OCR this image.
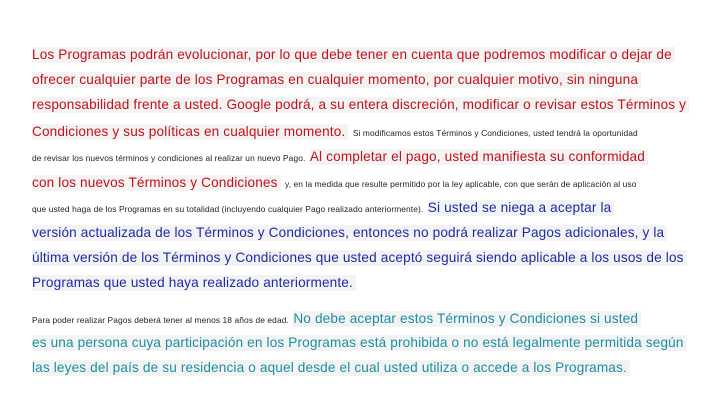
Los Programas podrán evolucionar, por lo que debe tener en cuenta que podremos modificar o dejar de
ofrecer cualquier parte de los Programas en cualquier momento, por cualquier motivo, sin ninguna
responsabilidad frente a usted. Google podrá, a su entera discreción, modificar o revisar estos Términos y
Condiciones y sus políticas en cualquier momento. Si modificamos estos Términos y Condiciones, usted tendrá la oportunidad
de revisar los nuevos términos y condiciones al realizar un nuevo Pago. Al completar el pago, usted manifiesta su conformidad
con los nuevos Términos y Condiciones y, en la medida que resulte permitido por la ley aplicable, con que serán de aplicación al uso
que usted haga de los Programas en su totalidad (incluyendo cualquier Pago realizado anteriormente). Si usted se niega a aceptar la
versión actualizada de los Términos y Condiciones, entonces no podrá realizar Pagos adicionales, y la
última versión de los Términos y Condiciones que usted aceptó seguirá siendo aplicable a los usos de los
Programas que usted haya realizado anteriormente.
Para poder realizar Pagos deberá tener al menos 18 años de edad. No debe aceptar estos Términos y Condiciones si usted
es una persona cuya participación en los Programas está prohibida o no está legalmente permitida según
las leyes del país de su residencia o aquel desde el cual usted utiliza o accede a los Programas.
